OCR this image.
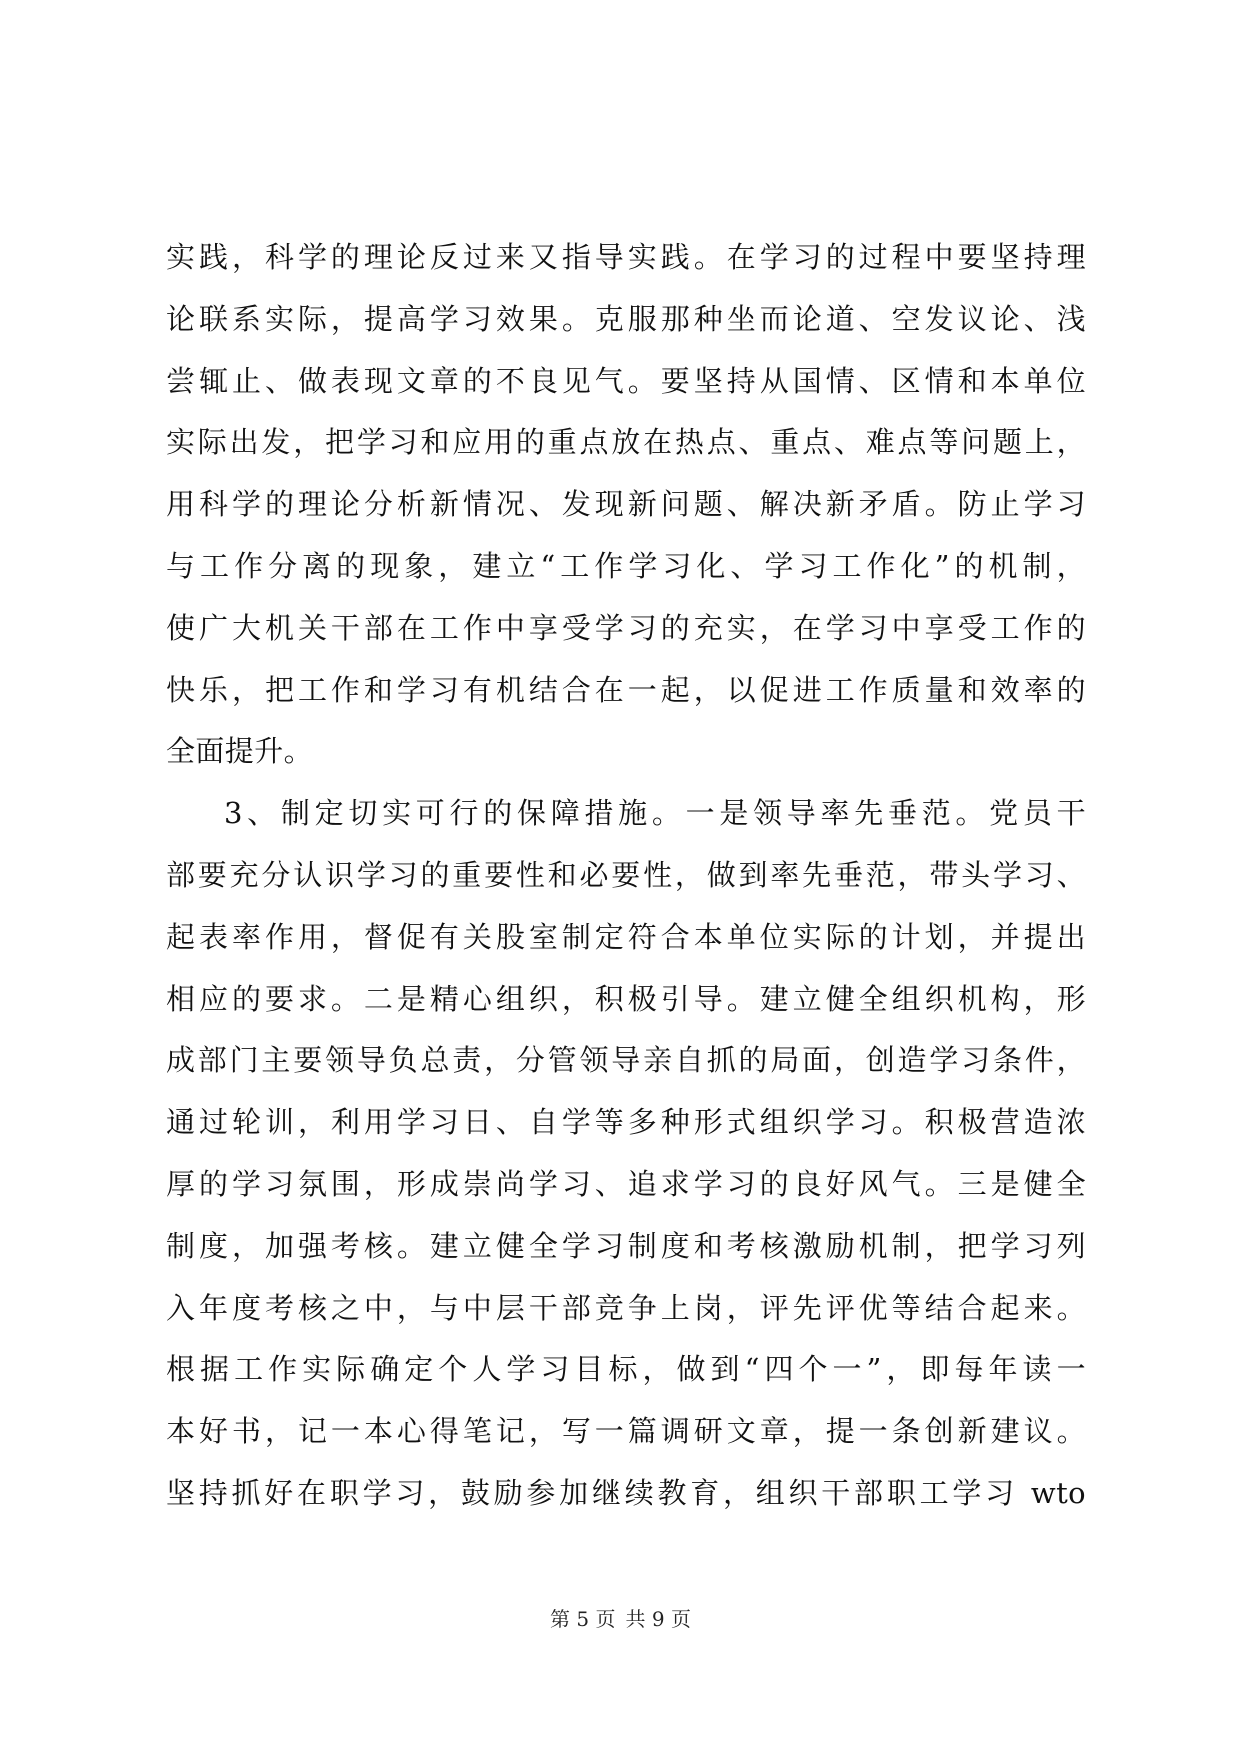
实践，科学的理论反过来又指导实践。在学习的过程中要坚持理
论联系实际，提高学习效果。克服那种坐而论道、空发议论、浅
尝辄止、做表现文章的不良见气。要坚持从国情、区情和本单位
实际出发，把学习和应用的重点放在热点、重点、难点等问题上，
用科学的理论分析新情况、发现新问题、解决新矛盾。防止学习
与工作分离的现象，建立“工作学习化、学习工作化”的机制，
使广大机关干部在工作中享受学习的充实，在学习中享受工作的
快乐，把工作和学习有机结合在一起，以促进工作质量和效率的
全面提升。
3、制定切实可行的保障措施。一是领导率先垂范。党员干
部要充分认识学习的重要性和必要性，做到率先垂范，带头学习、
起表率作用，督促有关股室制定符合本单位实际的计划，并提出
相应的要求。二是精心组织，积极引导。建立健全组织机构，形
成部门主要领导负总责，分管领导亲自抓的局面，创造学习条件，
通过轮训，利用学习日、自学等多种形式组织学习。积极营造浓
厚的学习氛围，形成崇尚学习、追求学习的良好风气。三是健全
制度，加强考核。建立健全学习制度和考核激励机制，把学习列
入年度考核之中，与中层干部竞争上岗，评先评优等结合起来。
根据工作实际确定个人学习目标，做到“四个一”，即每年读一
本好书，记一本心得笔记，写一篇调研文章，提一条创新建议。
坚持抓好在职学习，鼓励参加继续教育，组织干部职工学习 wto
第 5 页 共 9 页
